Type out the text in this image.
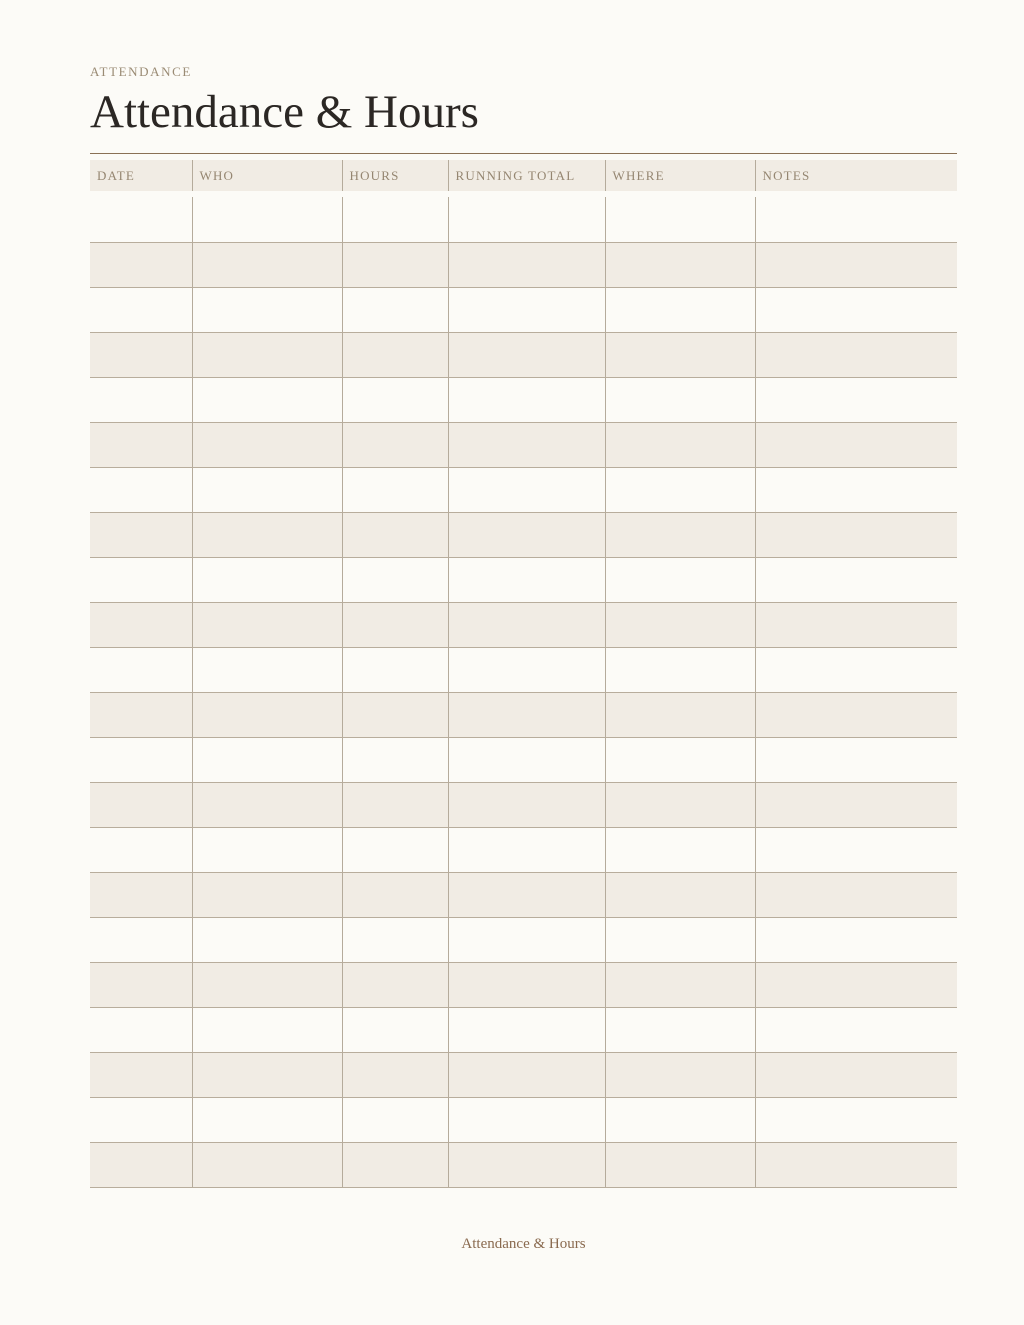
ATTENDANCE
Attendance & Hours
DATE	WHO	HOURS	RUNNING TOTAL	WHERE	NOTES

Attendance & Hours
